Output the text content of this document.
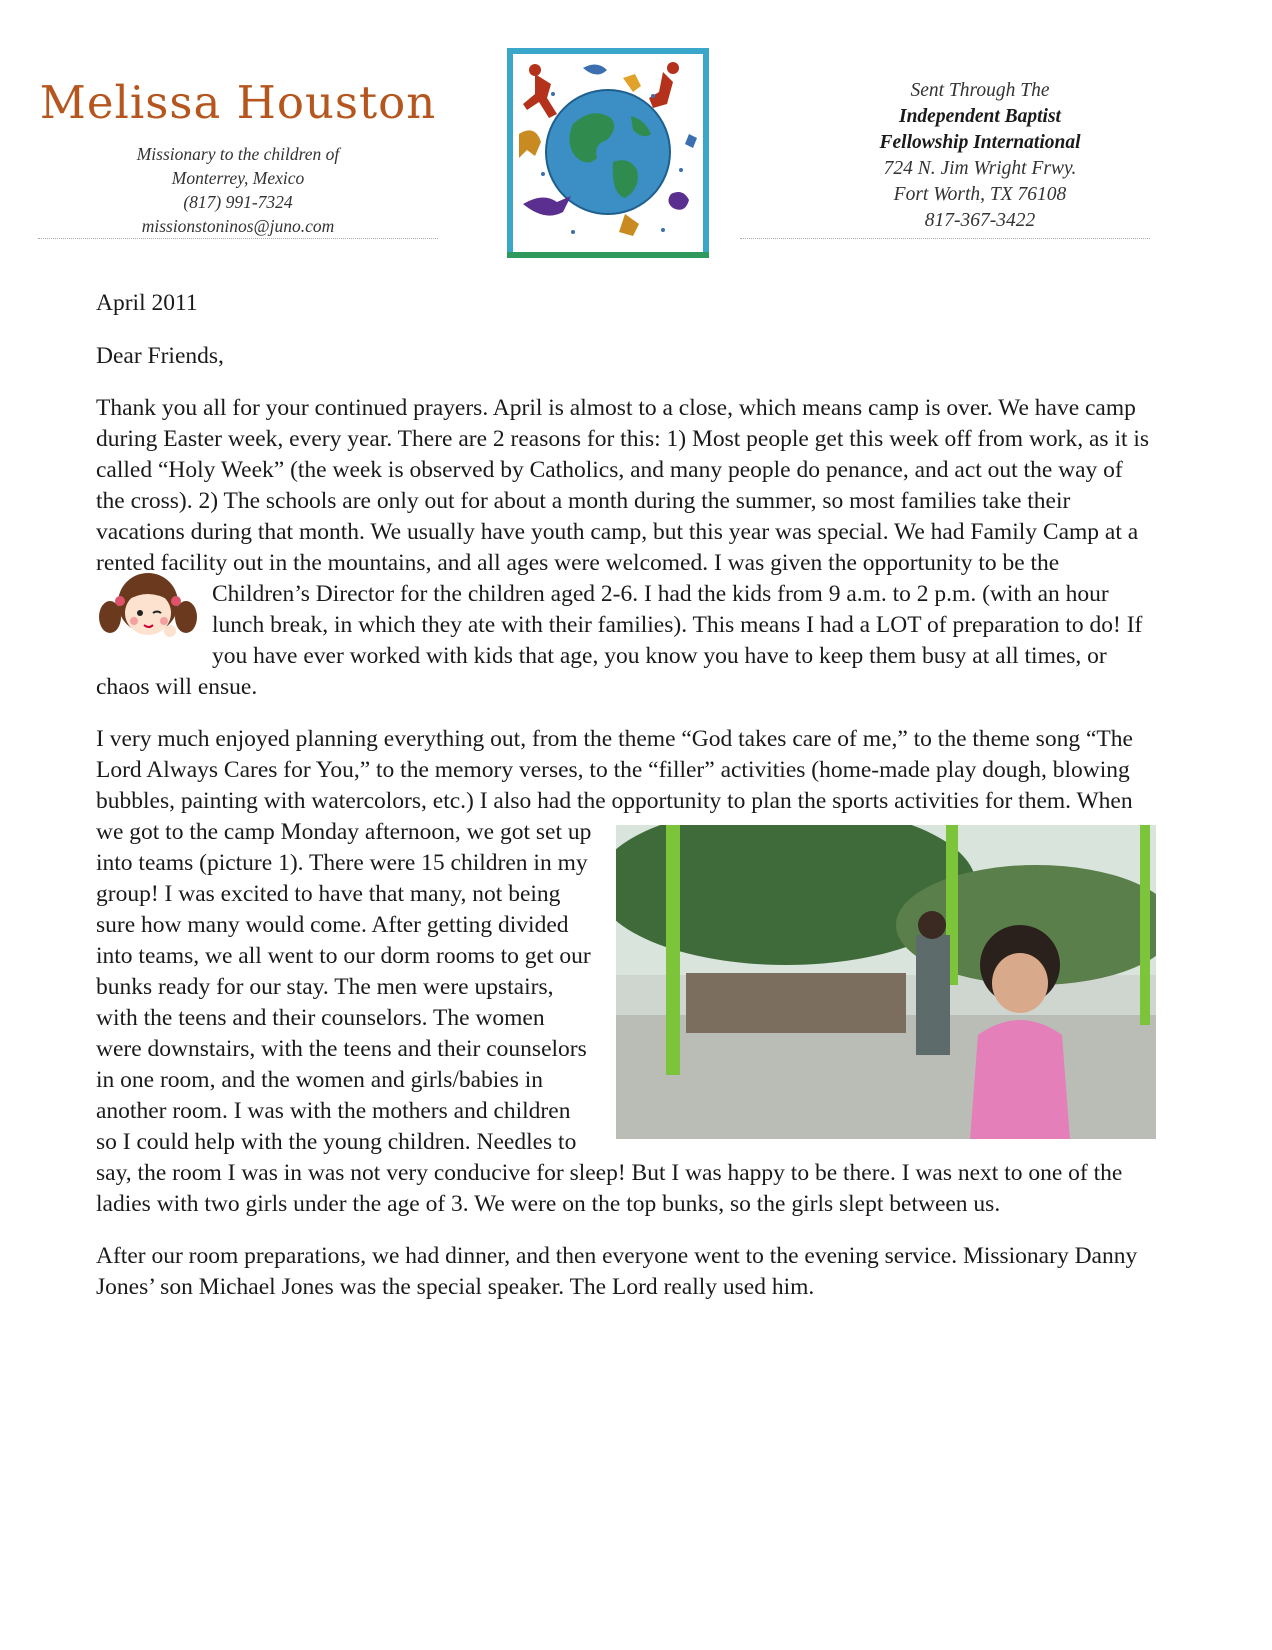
Melissa Houston
Missionary to the children of
Monterrey, Mexico
(817) 991-7324
missionstoninos@juno.com
Sent Through The
Independent Baptist
Fellowship International
724 N. Jim Wright Frwy.
Fort Worth, TX 76108
817-367-3422
April 2011
Dear Friends,
Thank you all for your continued prayers. April is almost to a close, which means camp is over. We have camp during Easter week, every year. There are 2 reasons for this: 1) Most people get this week off from work, as it is called “Holy Week” (the week is observed by Catholics, and many people do penance, and act out the way of the cross). 2) The schools are only out for about a month during the summer, so most families take their vacations during that month. We usually have youth camp, but this year was special. We had Family Camp at a rented facility out in the mountains, and all ages were welcomed. I was given the
opportunity to be the Children’s Director for the children aged 2-6. I had the kids from 9 a.m. to 2 p.m. (with an hour lunch break, in which they ate with their families). This means I had a LOT of preparation to do! If you have ever worked with kids that age, you know you have to keep them busy at all times, or chaos will ensue.
I very much enjoyed planning everything out, from the theme “God takes care of me,” to the theme song “The Lord Always Cares for You,” to the memory verses, to the “filler” activities (home-made play dough, blowing bubbles, painting with watercolors, etc.) I also had the opportunity to plan the sports activities for them. When we got to the camp Monday
afternoon, we got set up into teams (picture 1). There were 15 children in my group! I was excited to have that many, not being sure how many would come. After getting divided into teams, we all went to our dorm rooms to get our bunks ready for our stay. The men were upstairs, with the teens and their counselors. The women were downstairs, with the teens and their counselors in one room, and the women and girls/babies in another room. I was with the mothers and children so I could help with the young children. Needles to say, the room I was in was not very conducive for sleep! But I was happy to be there. I was next to one of the ladies with two girls under the age of 3. We were on the top bunks, so the girls slept between us.
After our room preparations, we had dinner, and then everyone went to the evening service. Missionary Danny Jones’ son Michael Jones was the special speaker. The Lord really used him.
